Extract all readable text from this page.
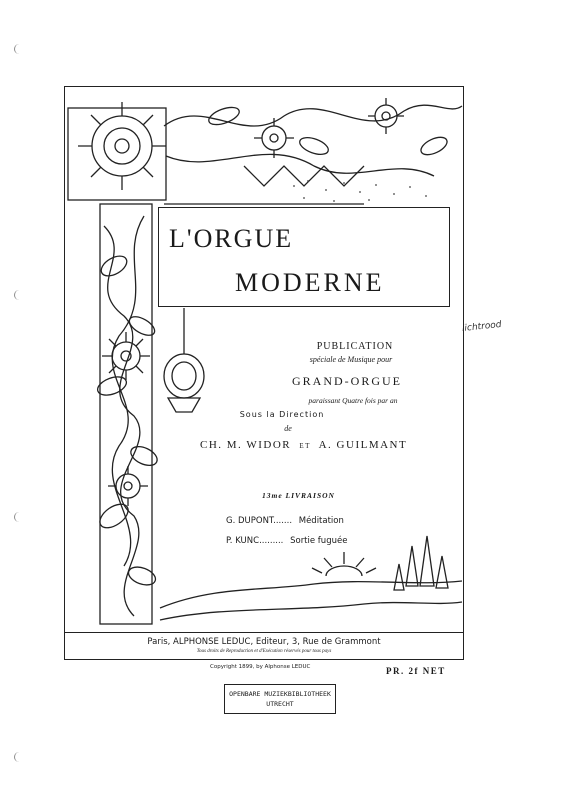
lichtrood
L'ORGUE
MODERNE
PUBLICATION
spéciale de Musique pour
GRAND-ORGUE
paraissant Quatre fois par an
Sous la Direction
de
CH. M. WIDOR ET A. GUILMANT
13me LIVRAISON
G. DUPONT....... Méditation
P. KUNC......... Sortie fuguée
Paris, ALPHONSE LEDUC, Editeur, 3, Rue de Grammont
Tous droits de Reproduction et d'Exécution réservés pour tous pays
Copyright 1899, by Alphonse LEDUC	PR. 2f NET
OPENBARE MUZIEKBIBLIOTHEEK
UTRECHT
